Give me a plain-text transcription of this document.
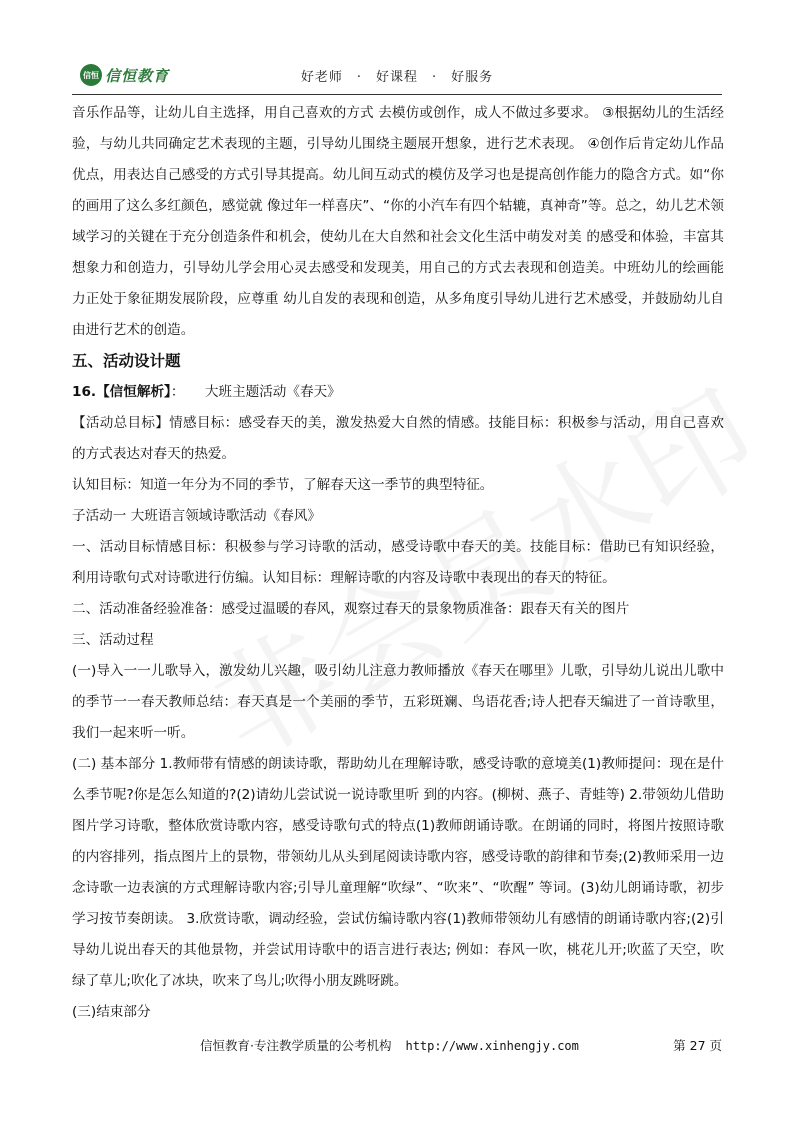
信恒 信恒教育	好老师　·　好课程　·　好服务

音乐作品等，让幼儿自主选择，用自己喜欢的方式 去模仿或创作，成人不做过多要求。 ③根据幼儿的生活经验，与幼儿共同确定艺术表现的主题，引导幼儿围绕主题展开想象，进行艺术表现。 ④创作后肯定幼儿作品优点，用表达自己感受的方式引导其提高。幼儿间互动式的模仿及学习也是提高创作能力的隐含方式。如“你的画用了这么多红颜色，感觉就 像过年一样喜庆”、“你的小汽车有四个轱辘，真神奇”等。总之，幼儿艺术领域学习的关键在于充分创造条件和机会，使幼儿在大自然和社会文化生活中萌发对美 的感受和体验，丰富其想象力和创造力，引导幼儿学会用心灵去感受和发现美，用自己的方式去表现和创造美。中班幼儿的绘画能力正处于象征期发展阶段，应尊重 幼儿自发的表现和创造，从多角度引导幼儿进行艺术感受，并鼓励幼儿自由进行艺术的创造。

五、活动设计题

16.【信恒解析】：　　 大班主题活动《春天》

【活动总目标】情感目标：感受春天的美，激发热爱大自然的情感。技能目标：积极参与活动，用自己喜欢的方式表达对春天的热爱。

认知目标：知道一年分为不同的季节，了解春天这一季节的典型特征。

子活动一 大班语言领域诗歌活动《春风》

一、活动目标情感目标：积极参与学习诗歌的活动，感受诗歌中春天的美。技能目标：借助已有知识经验，利用诗歌句式对诗歌进行仿编。认知目标：理解诗歌的内容及诗歌中表现出的春天的特征。

二、活动准备经验准备：感受过温暖的春风，观察过春天的景象物质准备：跟春天有关的图片

三、活动过程

(一)导入一一儿歌导入，激发幼儿兴趣，吸引幼儿注意力教师播放《春天在哪里》儿歌，引导幼儿说出儿歌中的季节一一春天教师总结：春天真是一个美丽的季节，五彩斑斓、鸟语花香;诗人把春天编进了一首诗歌里，我们一起来听一听。

(二) 基本部分 1.教师带有情感的朗读诗歌，帮助幼儿在理解诗歌，感受诗歌的意境美(1)教师提问：现在是什么季节呢?你是怎么知道的?(2)请幼儿尝试说一说诗歌里听 到的内容。(柳树、燕子、青蛙等) 2.带领幼儿借助图片学习诗歌，整体欣赏诗歌内容，感受诗歌句式的特点(1)教师朗诵诗歌。在朗诵的同时，将图片按照诗歌的内容排列，指点图片上的景物，带领幼儿从头到尾阅读诗歌内容，感受诗歌的韵律和节奏;(2)教师采用一边念诗歌一边表演的方式理解诗歌内容;引导儿童理解“吹绿”、“吹来”、“吹醒” 等词。(3)幼儿朗诵诗歌，初步学习按节奏朗读。 3.欣赏诗歌，调动经验，尝试仿编诗歌内容(1)教师带领幼儿有感情的朗诵诗歌内容;(2)引导幼儿说出春天的其他景物，并尝试用诗歌中的语言进行表达; 例如：春风一吹，桃花儿开;吹蓝了天空，吹绿了草儿;吹化了冰块，吹来了鸟儿;吹得小朋友跳呀跳。

(三)结束部分

信恒教育·专注教学质量的公考机构 http://www.xinhengjy.com	第 27 页
